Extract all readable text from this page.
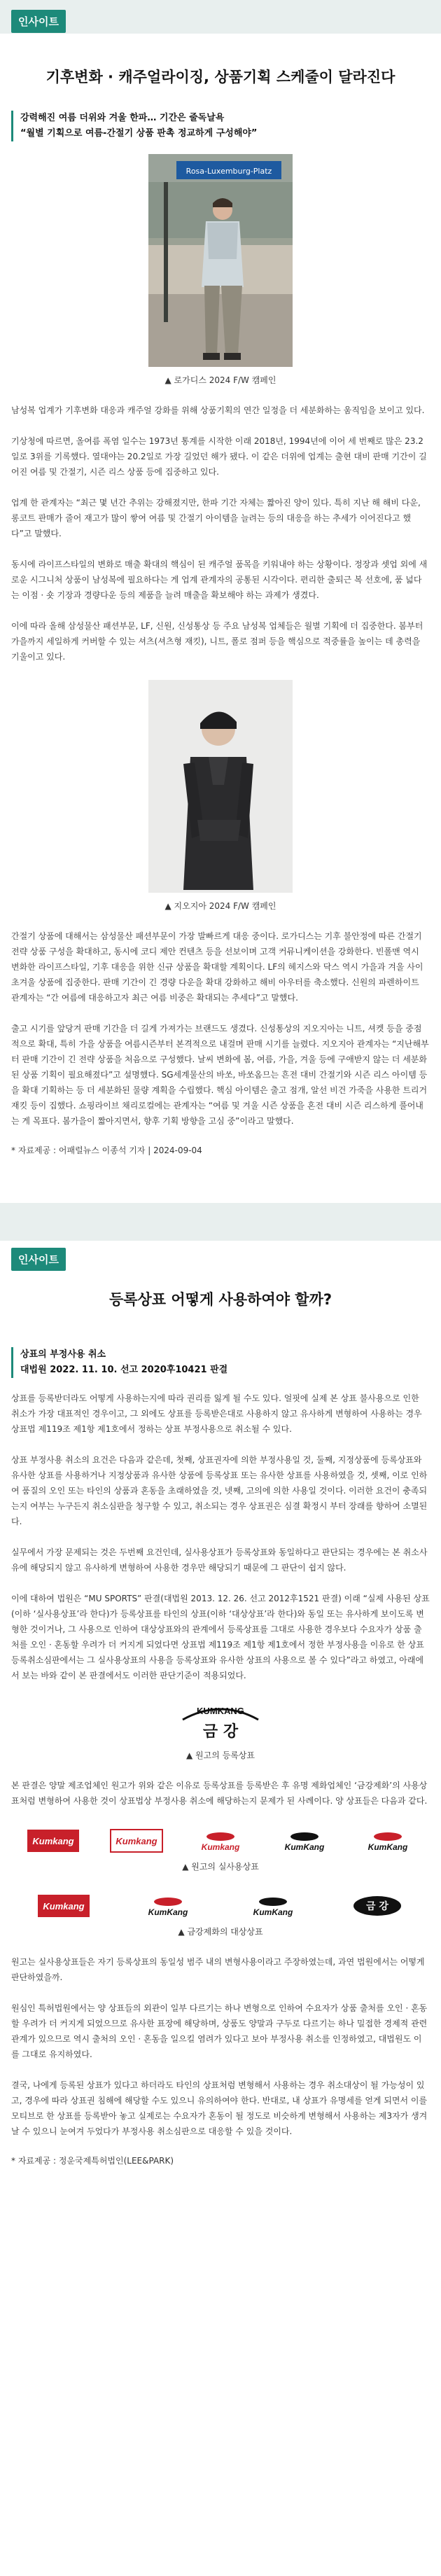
인사이트
기후변화 · 캐주얼라이징, 상품기획 스케줄이 달라진다

강력해진 여름 더위와 겨울 한파… 기간은 줄독날욕

“월별 기획으로 여름-간절기 상품 판촉 정교하게 구성해야”

Rosa-Luxemburg-Platz

▲ 로가디스 2024 F/W 캠페인

남성복 업계가 기후변화 대응과 캐주얼 강화를 위해 상품기획의 연간 일정을 더 세분화하는 움직임을 보이고 있다.

기상청에 따르면, 올여름 폭염 일수는 1973년 통계를 시작한 이래 2018년, 1994년에 이어 세 번째로 많은 23.2일로 3위를 기록했다. 열대야는 20.2일로 가장 길었던 해가 됐다. 이 같은 더위에 업계는 출현 대비 판매 기간이 길어진 여름 및 간절기, 시즌 리스 상품 등에 집중하고 있다.

업계 한 관계자는 “최근 몇 년간 추위는 강해졌지만, 한파 기간 자체는 짧아진 양이 있다. 특히 지난 해 해비 다운, 롱코트 판매가 줄어 재고가 많이 쌓여 여름 및 간절기 아이템을 늘려는 등의 대응을 하는 추세가 이어진다고 했다”고 말했다.

동시에 라이프스타일의 변화로 매출 확대의 핵심이 된 캐주얼 품목을 키워내야 하는 상황이다. 정장과 셋업 외에 새로운 시그니처 상품이 남성복에 필요하다는 게 업계 관계자의 공통된 시각이다. 편리한 출퇴근 복 선호에, 품 넓다는 이점 · 숏 기장과 경량다운 등의 제품을 늘려 매출을 확보해야 하는 과제가 생겼다.

이에 따라 올해 삼성물산 패션부문, LF, 신원, 신성통상 등 주요 남성복 업체들은 월별 기획에 더 집중한다. 봄부터 가을까지 세일하게 커버할 수 있는 셔츠(셔츠형 재킷), 니트, 폴로 점퍼 등을 핵심으로 적중률을 높이는 데 총력을 기울이고 있다.

▲ 지오지아 2024 F/W 캠페인

간절기 상품에 대해서는 삼성물산 패션부문이 가장 발빠르게 대응 중이다. 로가디스는 기후 불안정에 따른 간절기 전략 상품 구성을 확대하고, 동시에 코디 제안 컨텐츠 등을 선보이며 고객 커뮤니케이션을 강화한다. 빈폴맨 역시 변화한 라이프스타일, 기후 대응을 위한 신규 상품을 확대할 계획이다. LF의 헤지스와 닥스 역시 가을과 겨울 사이 초겨울 상품에 집중한다. 판매 기간이 긴 경량 다운을 확대 강화하고 해비 아우터를 축소했다. 신원의 파렌하이트 관계자는 “간 여름에 대응하고자 최근 여름 비중은 확대되는 추세다”고 말했다.

출고 시기를 앞당겨 판매 기간을 더 길게 가져가는 브랜드도 생겼다. 신성통상의 지오지아는 니트, 셔켓 등을 중점적으로 확대, 특히 가을 상품을 여름시즌부터 본격적으로 내걸며 판매 시기를 늘렸다. 지오지아 관계자는 “지난해부터 판매 기간이 긴 전략 상품을 처음으로 구성했다. 날씨 변화에 봄, 여름, 가을, 겨울 등에 구애받지 않는 더 세분화된 상품 기획이 필요해졌다”고 설명했다. SG세계물산의 바쏘, 바쏘옴므는 흔전 대비 간절기와 시즌 리스 아이템 등을 확대 기획하는 등 더 세분화된 물량 계획을 수립했다. 핵심 아이템은 출고 점개, 알선 비건 가죽을 사용한 트리거 재킷 등이 집했다. 쇼핑라이브 채리로컬에는 관계자는 “여름 및 겨울 시즌 상품을 혼전 대비 시즌 리스하게 풀어내는 게 목표다. 봄가을이 짧아지면서, 향후 기획 방향을 고심 중”이라고 말했다.

* 자료제공 : 어패럴뉴스 이종석 기자 | 2024-09-04

인사이트
등록상표 어떻게 사용하여야 할까?

상표의 부정사용 취소

대법원 2022. 11. 10. 선고 2020후10421 판결

상표를 등록받더라도 어떻게 사용하는지에 따라 권리를 잃게 될 수도 있다. 얼핏에 실제 본 상표 불사용으로 인한 취소가 가장 대표적인 경우이고, 그 외에도 상표를 등록받은대로 사용하지 않고 유사하게 변형하여 사용하는 경우 상표법 제119조 제1항 제1호에서 정하는 상표 부정사용으로 취소될 수 있다.

상표 부정사용 취소의 요건은 다음과 같은데, 첫째, 상표권자에 의한 부정사용일 것, 둘째, 지정상품에 등록상표와 유사한 상표를 사용하거나 지정상품과 유사한 상품에 등록상표 또는 유사한 상표를 사용하였을 것, 셋째, 이로 인하여 품질의 오인 또는 타인의 상품과 혼동을 초래하였을 것, 넷째, 고의에 의한 사용일 것이다. 이러한 요건이 충족되는지 여부는 누구든지 취소심판을 청구할 수 있고, 취소되는 경우 상표권은 심결 확정시 부터 장래를 향하여 소멸된다.

실무에서 가장 문제되는 것은 두번째 요건인데, 실사용상표가 등록상표와 동일하다고 판단되는 경우에는 본 취소사유에 해당되지 않고 유사하게 변형하여 사용한 경우만 해당되기 때문에 그 판단이 쉽지 않다.

이에 대하여 법원은 “MU SPORTS” 판결(대법원 2013. 12. 26. 선고 2012후1521 판결) 이래 “실제 사용된 상표(이하 ‘실사용상표’라 한다)가 등록상표를 타인의 상표(이하 ‘대상상표’라 한다)와 동일 또는 유사하게 보이도록 변형한 것이거나, 그 사용으로 인하여 대상상표와의 관계에서 등록상표를 그대로 사용한 경우보다 수요자가 상품 출처를 오인 · 혼동할 우려가 더 커지게 되었다면 상표법 제119조 제1항 제1호에서 정한 부정사용을 이유로 한 상표등록취소심판에서는 그 실사용상표의 사용을 등록상표와 유사한 상표의 사용으로 볼 수 있다”라고 하였고, 아래에서 보는 바와 같이 본 판결에서도 이러한 판단기준이 적용되었다.

KUMKANG
금 강

▲ 원고의 등록상표

본 판결은 양말 제조업체인 원고가 위와 같은 이유로 등록상표를 등록받은 후 유명 제화업체인 ‘금강제화’의 사용상표처럼 변형하여 사용한 것이 상표법상 부정사용 취소에 해당하는지 문제가 된 사례이다. 양 상표들은 다음과 같다.

Kumkang	Kumkang
Kumkang	KumKang	KumKang

▲ 원고의 실사용상표

Kumkang
KumKang	KumKang	금 강

▲ 금강제화의 대상상표

원고는 실사용상표들은 자기 등록상표의 동일성 범주 내의 변형사용이라고 주장하였는데, 과연 법원에서는 어떻게 판단하였을까.

원심인 특허법원에서는 양 상표들의 외관이 일부 다르기는 하나 변형으로 인하여 수요자가 상품 출처를 오인 · 혼동할 우려가 더 커지게 되었으므로 유사한 표장에 해당하며, 상품도 양말과 구두로 다르기는 하나 밀접한 경제적 관련관계가 있으므로 역시 출처의 오인 · 혼동을 일으킬 염려가 있다고 보아 부정사용 취소를 인정하였고, 대법원도 이를 그대로 유지하였다.

결국, 나에게 등록된 상표가 있다고 하더라도 타인의 상표처럼 변형해서 사용하는 경우 취소대상이 될 가능성이 있고, 경우에 따라 상표권 침해에 해당할 수도 있으니 유의하여야 한다. 반대로, 내 상표가 유명세를 얻게 되면서 이를 모티브로 한 상표를 등록받아 놓고 실제로는 수요자가 혼동이 될 정도로 비슷하게 변형해서 사용하는 제3자가 생겨날 수 있으니 눈여겨 두었다가 부정사용 취소심판으로 대응할 수 있을 것이다.

* 자료제공 : 정운국제특허법인(LEE&PARK)
